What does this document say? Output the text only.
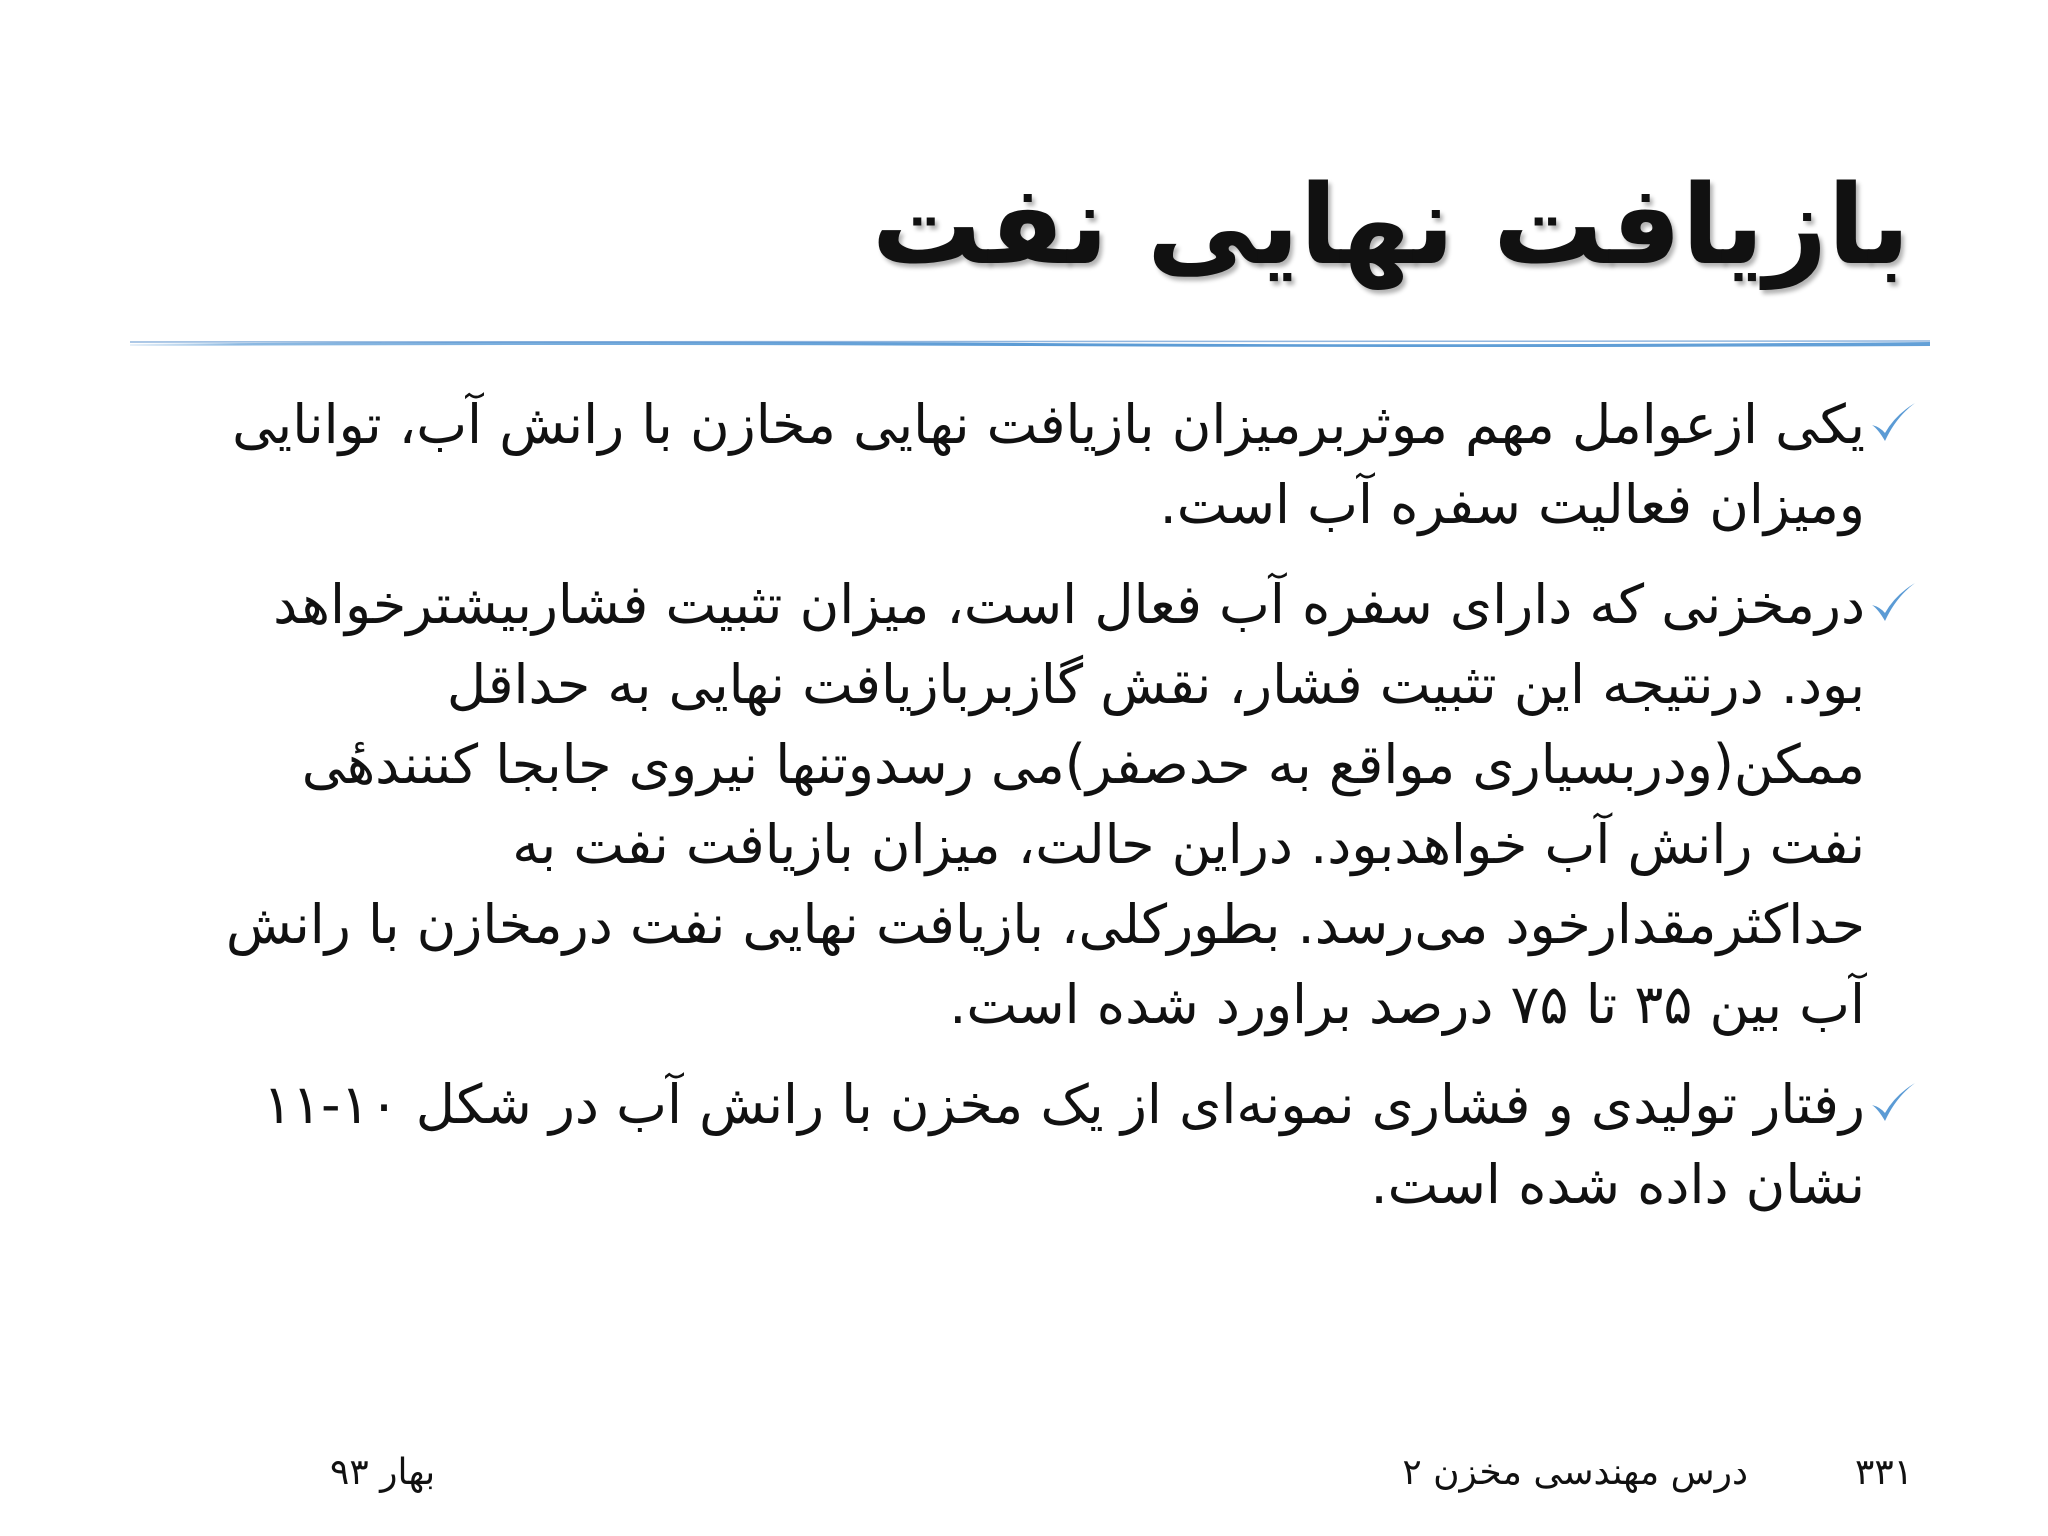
بازیافت نهایی نفت

یکی ازعوامل مهم موثربرمیزان بازیافت نهایی مخازن با رانش آب، توانایی ومیزان فعالیت سفره آب است.

درمخزنی که دارای سفره آب فعال است، میزان تثبیت فشاربیشترخواهد بود. درنتیجه این تثبیت فشار، نقش گازبربازیافت نهایی به حداقل ممکن(ودربسیاری مواقع به حدصفر)می رسدوتنها نیروی جابجا کننندهٔی نفت رانش آب خواهدبود. دراین حالت، میزان بازیافت نفت به حداکثرمقدارخود می‌رسد. بطورکلی، بازیافت نهایی نفت درمخازن با رانش آب بین ۳۵ تا ۷۵ درصد براورد شده است.

رفتار تولیدی و فشاری نمونه‌ای از یک مخزن با رانش آب در شکل ۱۰-۱۱ نشان داده شده است.

۳۳۱
درس مهندسی مخزن ۲
بهار ۹۳
